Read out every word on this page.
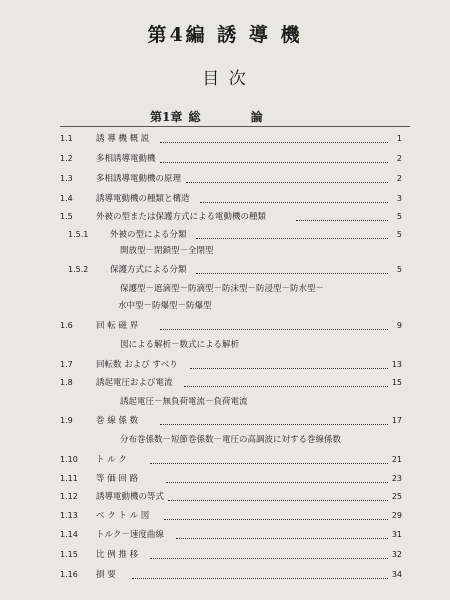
第4編 誘 導 機
目 次
第1章 総	論
1.1	誘 導 機 概 説	1
1.2	多相誘導電動機	2
1.3	多相誘導電動機の原理	2
1.4	誘導電動機の種類と構造	3
1.5	外被の型または保護方式による電動機の種類	5
1.5.1	外被の型による分類	5
開放型－閉鎖型－全閉型
1.5.2	保護方式による分類	5
保護型－遮滴型－防滴型－防沫型－防浸型－防水型－
水中型－防爆型－防爆型
1.6	回 転 磁 界	9
図による解析－数式による解析
1.7	回転数 および すべり	13
1.8	誘起電圧および電流	15
誘起電圧－無負荷電流－負荷電流
1.9	巻 線 係 数	17
分布巻係数－短節巻係数－電圧の高調波に対する巻線係数
1.10	ト ル ク	21
1.11	等 価 回 路	23
1.12	誘導電動機の等式	25
1.13	ベ ク ト ル 図	29
1.14	トルク－速度曲線	31
1.15	比 例 推 移	32
1.16	損 要	34
